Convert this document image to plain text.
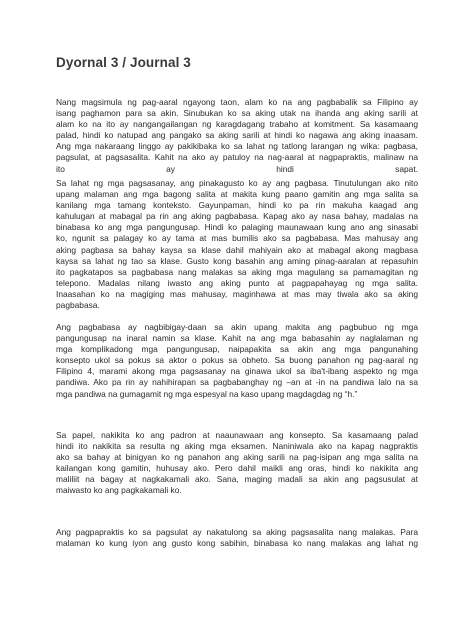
Dyornal 3 / Journal 3
Nang magsimula ng pag-aaral ngayong taon, alam ko na ang pagbabalik sa Filipino ay
isang paghamon para sa akin. Sinubukan ko sa aking utak na ihanda ang aking sarili at
alam ko na ito ay nangangailangan ng karagdagang trabaho at komitment. Sa kasamaang
palad, hindi ko natupad ang pangako sa aking sarili at hindi ko nagawa ang aking inaasam.
Ang mga nakaraang linggo ay pakikibaka ko sa lahat ng tatlong larangan ng wika: pagbasa,
pagsulat, at pagsasalita. Kahit na ako ay patuloy na nag-aaral at nagpapraktis, malinaw na
ito ay hindi sapat.
Sa lahat ng mga pagsasanay, ang pinakagusto ko ay ang pagbasa. Tinutulungan ako nito
upang malaman ang mga bagong salita at makita kung paano gamitin ang mga salita sa
kanilang mga tamang konteksto. Gayunpaman, hindi ko pa rin makuha kaagad ang
kahulugan at mabagal pa rin ang aking pagbabasa. Kapag ako ay nasa bahay, madalas na
binabasa ko ang mga pangungusap. Hindi ko palaging maunawaan kung ano ang sinasabi
ko, ngunit sa palagay ko ay tama at mas bumilis ako sa pagbabasa. Mas mahusay ang
aking pagbasa sa bahay kaysa sa klase dahil mahiyain ako at mabagal akong magbasa
kaysa sa lahat ng tao sa klase. Gusto kong basahin ang aming pinag-aaralan at repasuhin
ito pagkatapos sa pagbabasa nang malakas sa aking mga magulang sa pamamagitan ng
telepono. Madalas nilang iwasto ang aking punto at pagpapahayag ng mga salita.
Inaasahan ko na magiging mas mahusay, maginhawa at mas may tiwala ako sa aking
pagbabasa.
Ang pagbabasa ay nagbibigay-daan sa akin upang makita ang pagbubuo ng mga
pangungusap na inaral namin sa klase. Kahit na ang mga babasahin ay naglalaman ng
mga komplikadong mga pangungusap, naipapakita sa akin ang mga pangunahing
konsepto ukol sa pokus sa aktor o pokus sa obheto. Sa buong panahon ng pag-aaral ng
Filipino 4, marami akong mga pagsasanay na ginawa ukol sa iba't-ibang aspekto ng mga
pandiwa. Ako pa rin ay nahihirapan sa pagbabanghay ng –an at -in na pandiwa lalo na sa
mga pandiwa na gumagamit ng mga espesyal na kaso upang magdagdag ng “h.”
Sa papel, nakikita ko ang padron at naaunawaan ang konsepto. Sa kasamaang palad
hindi ito nakikita sa resulta ng aking mga eksamen. Naniniwala ako na kapag nagpraktis
ako sa bahay at binigyan ko ng panahon ang aking sarili na pag-isipan ang mga salita na
kailangan kong gamitin, huhusay ako. Pero dahil maikli ang oras, hindi ko nakikita ang
maliliit na bagay at nagkakamali ako. Sana, maging madali sa akin ang pagsusulat at
maiwasto ko ang pagkakamali ko.
Ang pagpapraktis ko sa pagsulat ay nakatulong sa aking pagsasalita nang malakas. Para
malaman ko kung iyon ang gusto kong sabihin, binabasa ko nang malakas ang lahat ng
